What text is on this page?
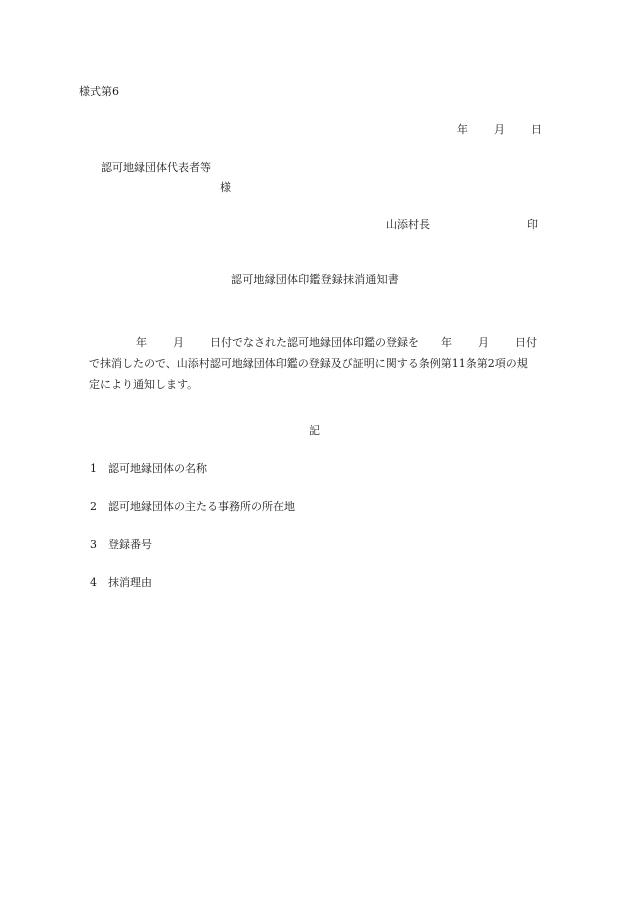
様式第6
年 月 日
認可地縁団体代表者等
様
山添村長	印
認可地縁団体印鑑登録抹消通知書
年 月 日付でなされた認可地縁団体印鑑の登録を 年 月 日付
で抹消したので、山添村認可地縁団体印鑑の登録及び証明に関する条例第11条第2項の規
定により通知します。
記
1 認可地縁団体の名称
2 認可地縁団体の主たる事務所の所在地
3 登録番号
4 抹消理由
